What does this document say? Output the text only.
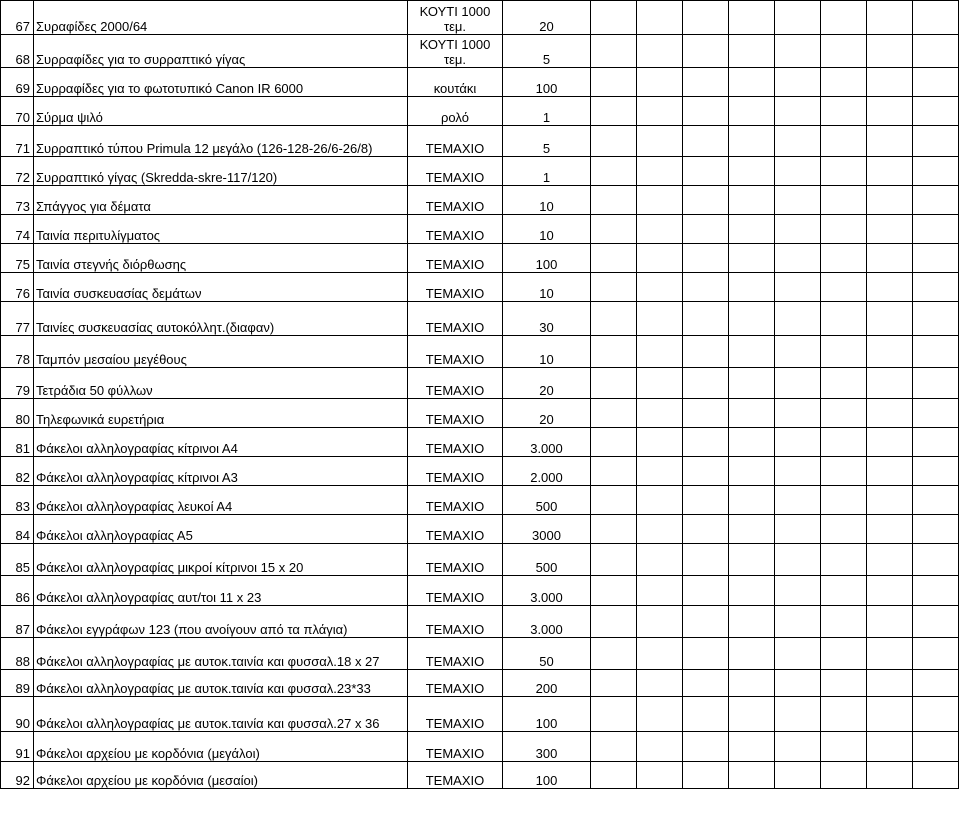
67	Συραφίδες 2000/64	ΚΟΥΤΙ 1000 τεμ.	20								
68	Συρραφίδες για το συρραπτικό γίγας	ΚΟΥΤΙ 1000 τεμ.	5								
69	Συρραφίδες για το φωτοτυπικό Canon IR 6000	κουτάκι	100								
70	Σύρμα ψιλό	ρολό	1								
71	Συρραπτικό τύπου Primula 12 μεγάλο (126-128-26/6-26/8)	ΤΕΜΑΧΙΟ	5								
72	Συρραπτικό γίγας (Skredda-skre-117/120)	ΤΕΜΑΧΙΟ	1								
73	Σπάγγος για δέματα	ΤΕΜΑΧΙΟ	10								
74	Ταινία περιτυλίγματος	ΤΕΜΑΧΙΟ	10								
75	Ταινία στεγνής διόρθωσης	ΤΕΜΑΧΙΟ	100								
76	Ταινία συσκευασίας δεμάτων	ΤΕΜΑΧΙΟ	10								
77	Ταινίες συσκευασίας αυτοκόλλητ.(διαφαν)	ΤΕΜΑΧΙΟ	30								
78	Ταμπόν μεσαίου μεγέθους	ΤΕΜΑΧΙΟ	10								
79	Τετράδια 50 φύλλων	ΤΕΜΑΧΙΟ	20								
80	Τηλεφωνικά ευρετήρια	ΤΕΜΑΧΙΟ	20								
81	Φάκελοι αλληλογραφίας κίτρινοι Α4	ΤΕΜΑΧΙΟ	3.000								
82	Φάκελοι αλληλογραφίας κίτρινοι Α3	ΤΕΜΑΧΙΟ	2.000								
83	Φάκελοι αλληλογραφίας λευκοί Α4	ΤΕΜΑΧΙΟ	500								
84	Φάκελοι αλληλογραφίας Α5	ΤΕΜΑΧΙΟ	3000								
85	Φάκελοι αλληλογραφίας μικροί κίτρινοι 15 x 20	ΤΕΜΑΧΙΟ	500								
86	Φάκελοι αλληλογραφίας αυτ/τοι 11 x 23	ΤΕΜΑΧΙΟ	3.000								
87	Φάκελοι εγγράφων 123 (που ανοίγουν από τα πλάγια)	ΤΕΜΑΧΙΟ	3.000								
88	Φάκελοι αλληλογραφίας με αυτοκ.ταινία και φυσσαλ.18 x 27	ΤΕΜΑΧΙΟ	50								
89	Φάκελοι αλληλογραφίας με αυτοκ.ταινία και φυσσαλ.23*33	ΤΕΜΑΧΙΟ	200								
90	Φάκελοι αλληλογραφίας με αυτοκ.ταινία και φυσσαλ.27 x 36	ΤΕΜΑΧΙΟ	100								
91	Φάκελοι αρχείου με κορδόνια (μεγάλοι)	ΤΕΜΑΧΙΟ	300								
92	Φάκελοι αρχείου με κορδόνια (μεσαίοι)	ΤΕΜΑΧΙΟ	100								
